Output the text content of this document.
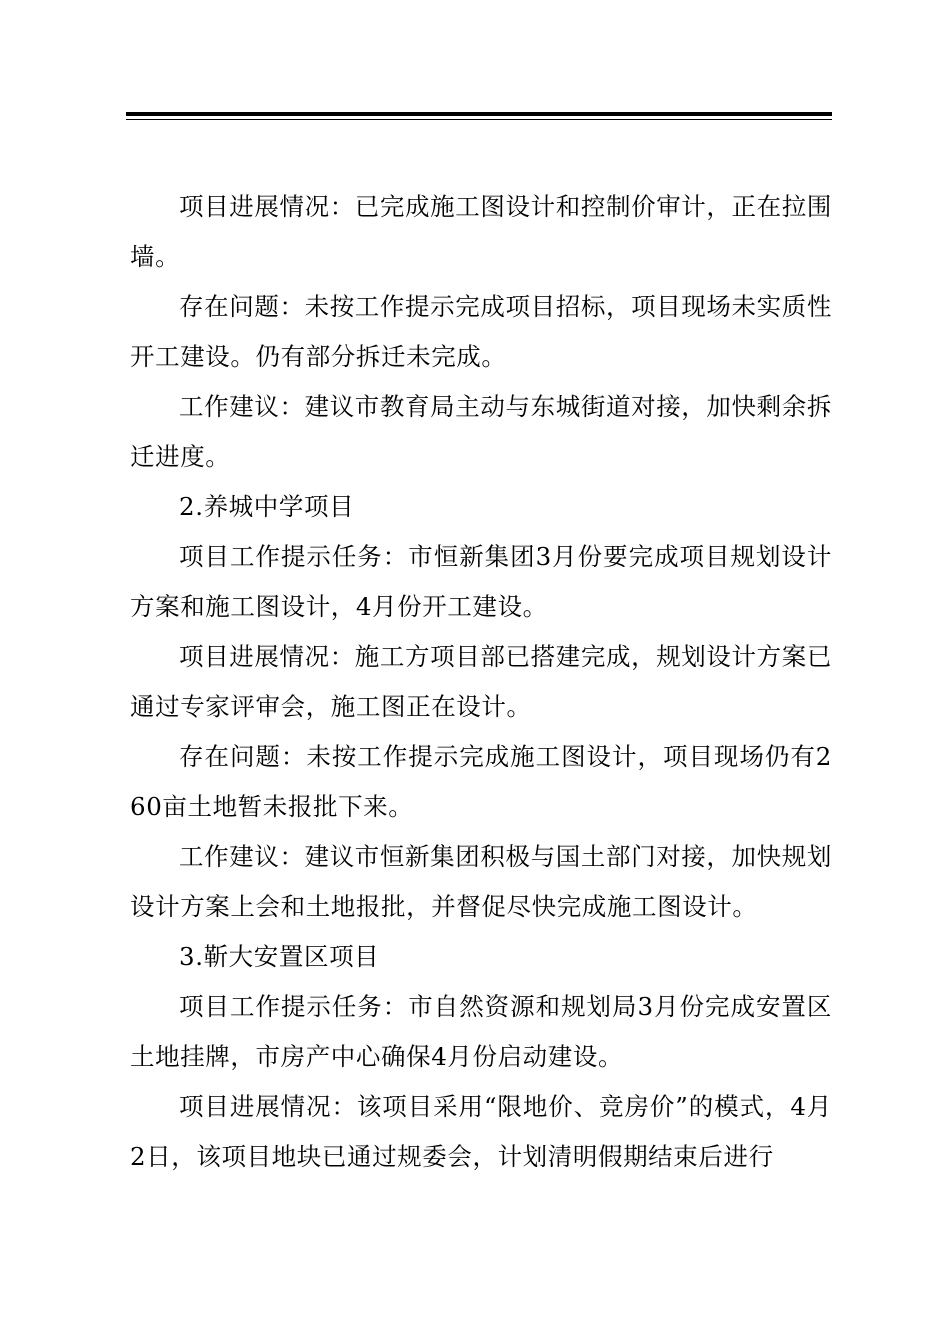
项目进展情况：已完成施工图设计和控制价审计，正在拉围墙。

存在问题：未按工作提示完成项目招标，项目现场未实质性开工建设。仍有部分拆迁未完成。

工作建议：建议市教育局主动与东城街道对接，加快剩余拆迁进度。

2.养城中学项目

项目工作提示任务：市恒新集团3月份要完成项目规划设计方案和施工图设计，4月份开工建设。

项目进展情况：施工方项目部已搭建完成，规划设计方案已通过专家评审会，施工图正在设计。

存在问题：未按工作提示完成施工图设计，项目现场仍有260亩土地暂未报批下来。

工作建议：建议市恒新集团积极与国土部门对接，加快规划设计方案上会和土地报批，并督促尽快完成施工图设计。

3.靳大安置区项目

项目工作提示任务：市自然资源和规划局3月份完成安置区土地挂牌，市房产中心确保4月份启动建设。

项目进展情况：该项目采用“限地价、竞房价”的模式，4月2日，该项目地块已通过规委会，计划清明假期结束后进行
